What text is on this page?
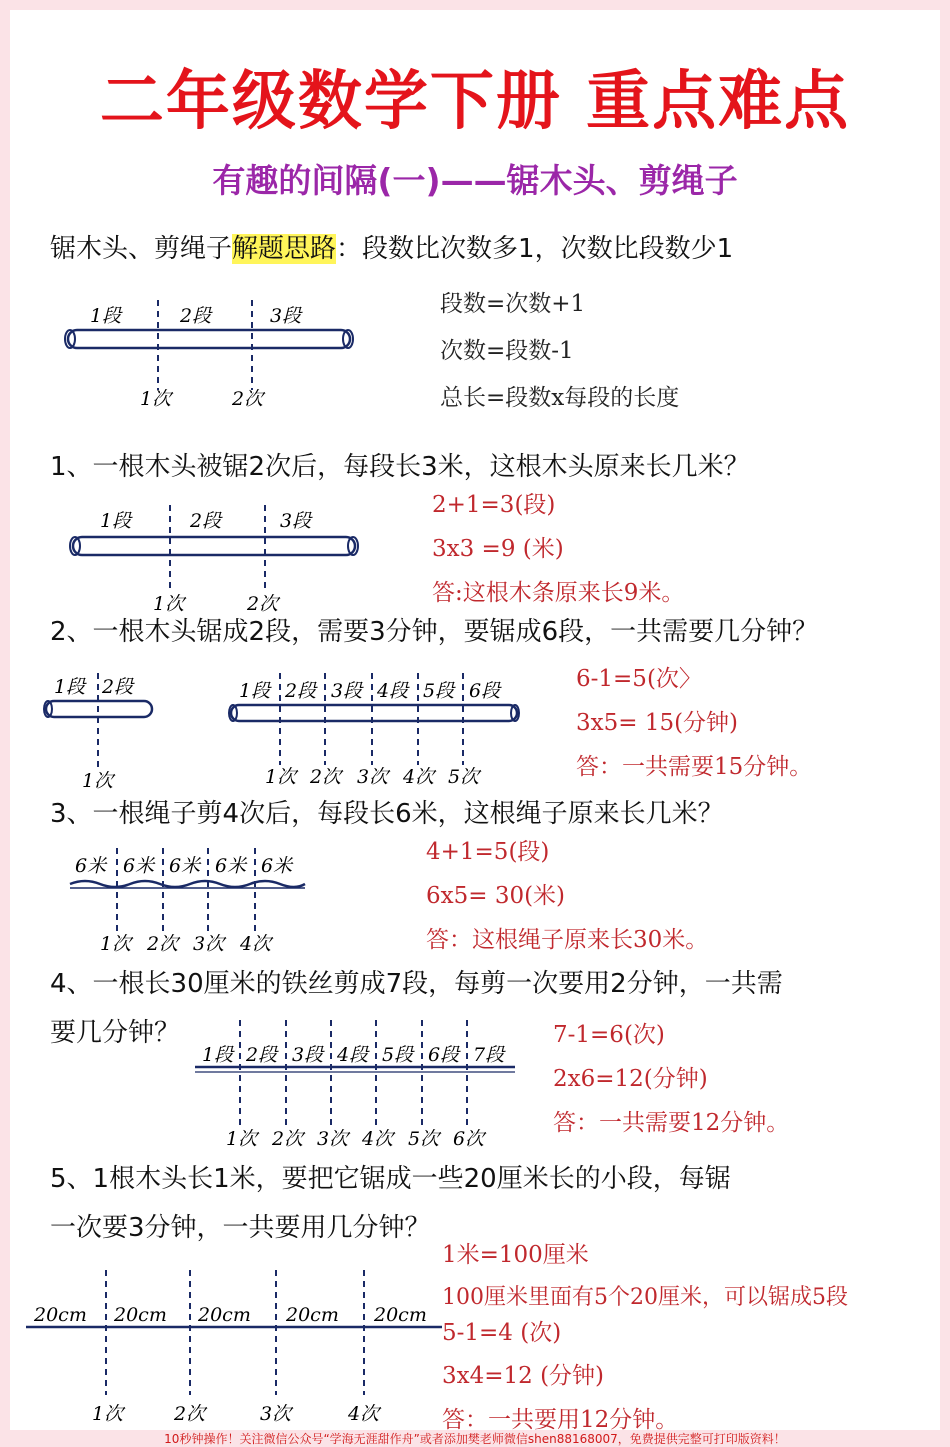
二年级数学下册 重点难点
有趣的间隔(一)——锯木头、剪绳子
锯木头、剪绳子解题思路：段数比次数多1，次数比段数少1
1段	2段	3段
1次	2次
段数=次数+1
次数=段数-1
总长=段数x每段的长度
1、一根木头被锯2次后，每段长3米，这根木头原来长几米？
1段	2段	3段
1次	2次
2+1=3(段)
3x3 =9 (米)
答:这根木条原来长9米。
2、一根木头锯成2段，需要3分钟，要锯成6段，一共需要几分钟？
1段 2段
1次
1段 2段 3段 4段 5段 6段
1次 2次 3次 4次 5次
6-1=5(次〉
3x5= 15(分钟)
答：一共需要15分钟。
3、一根绳子剪4次后，每段长6米，这根绳子原来长几米？
6米 6米 6米 6米 6米
1次 2次 3次 4次
4+1=5(段)
6x5= 30(米)
答：这根绳子原来长30米。
4、一根长30厘米的铁丝剪成7段，每剪一次要用2分钟，一共需
要几分钟？
1段 2段 3段 4段 5段 6段 7段
1次 2次 3次 4次 5次 6次
7-1=6(次)
2x6=12(分钟)
答：一共需要12分钟。
5、1根木头长1米，要把它锯成一些20厘米长的小段，每锯
一次要3分钟，一共要用几分钟？
20cm 20cm 20cm 20cm 20cm
1次	2次	3次	4次
1米=100厘米
100厘米里面有5个20厘米，可以锯成5段
5-1=4 (次)
3x4=12 (分钟)
答：一共要用12分钟。
10秒钟操作！关注微信公众号“学海无涯甜作舟”或者添加樊老师微信shen88168007，免费提供完整可打印版资料！
